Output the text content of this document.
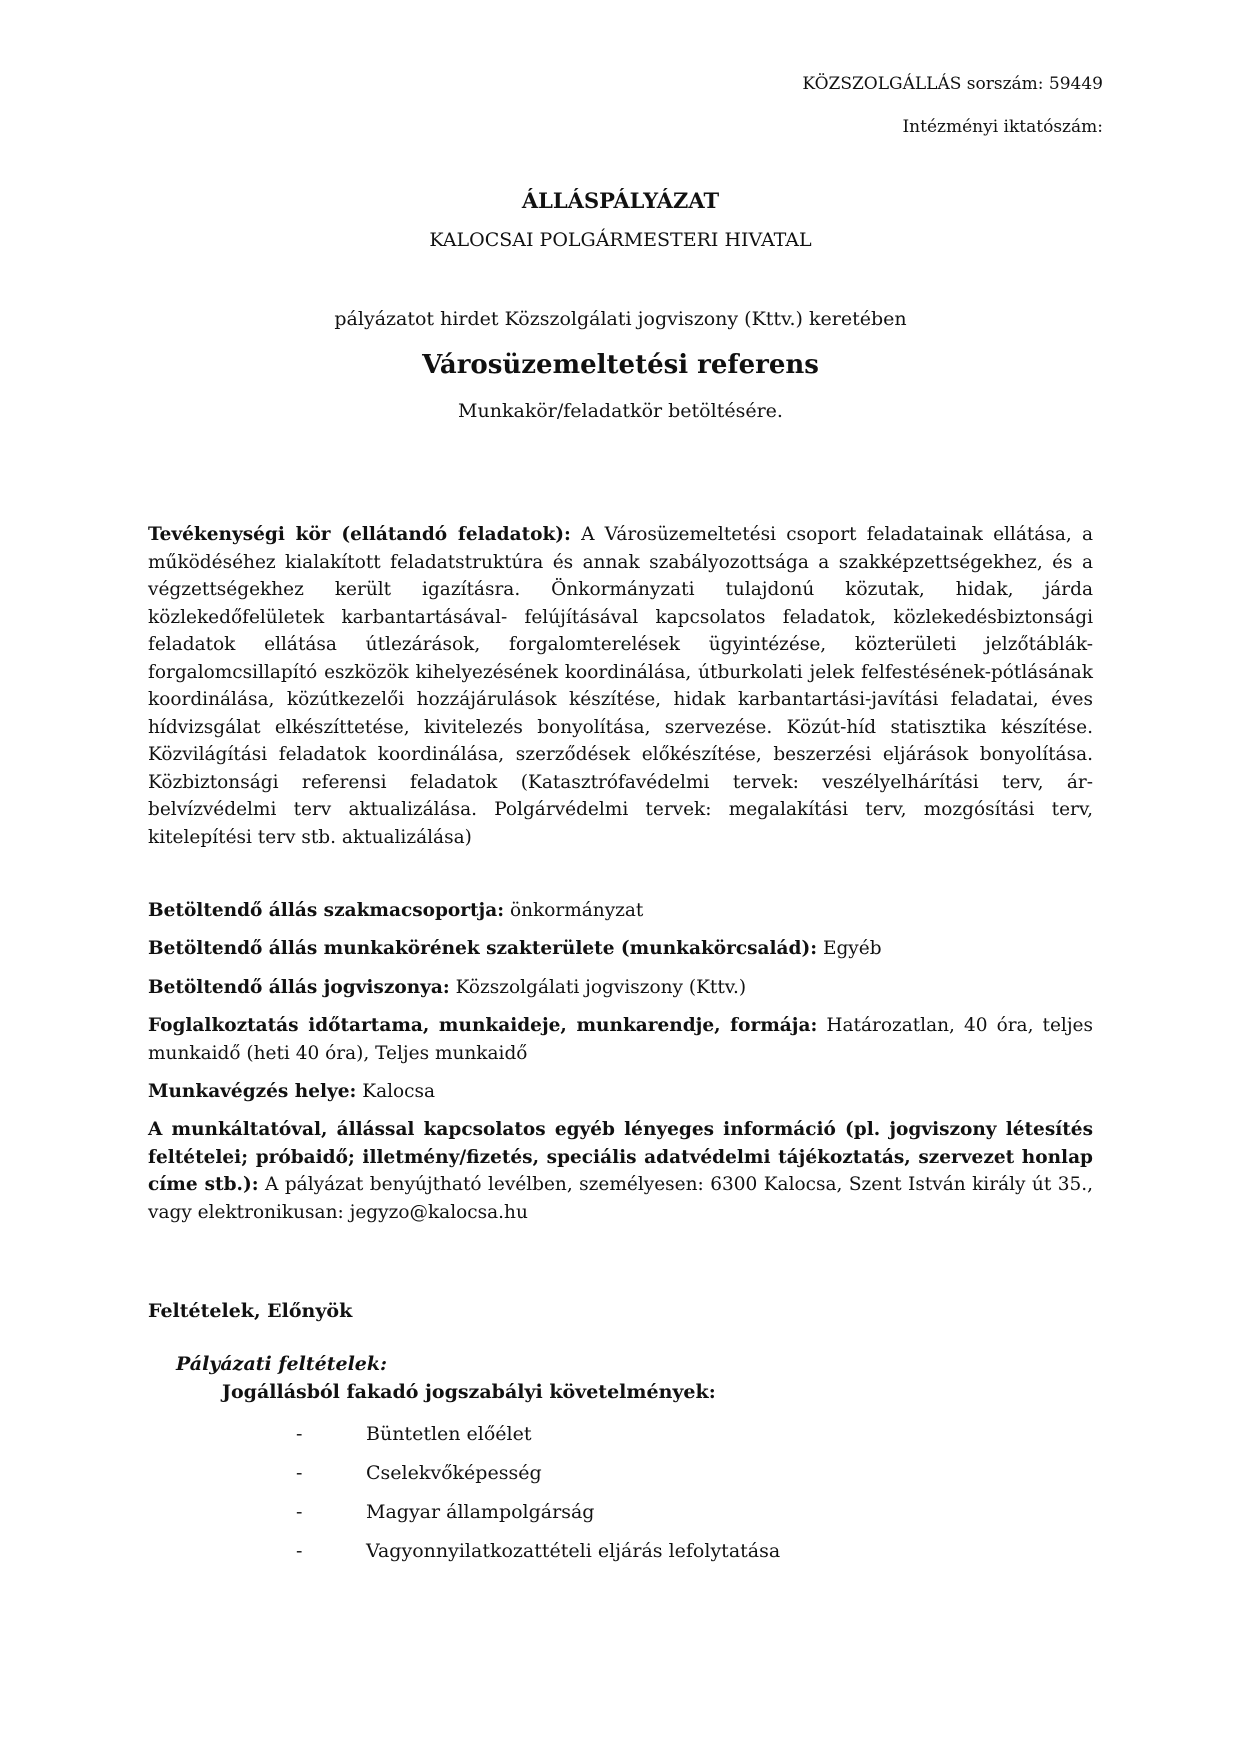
KÖZSZOLGÁLLÁS sorszám: 59449
Intézményi iktatószám:
ÁLLÁSPÁLYÁZAT
KALOCSAI POLGÁRMESTERI HIVATAL
pályázatot hirdet Közszolgálati jogviszony (Kttv.) keretében
Városüzemeltetési referens
Munkakör/feladatkör betöltésére.
Tevékenységi kör (ellátandó feladatok): A Városüzemeltetési csoport feladatainak ellátása, a működéséhez kialakított feladatstruktúra és annak szabályozottsága a szakképzettségekhez, és a végzettségekhez került igazításra. Önkormányzati tulajdonú közutak, hidak, járda közlekedőfelületek karbantartásával- felújításával kapcsolatos feladatok, közlekedésbiztonsági feladatok ellátása útlezárások, forgalomterelések ügyintézése, közterületi jelzőtáblák-forgalomcsillapító eszközök kihelyezésének koordinálása, útburkolati jelek felfestésének-pótlásának koordinálása, közútkezelői hozzájárulások készítése, hidak karbantartási-javítási feladatai, éves hídvizsgálat elkészíttetése, kivitelezés bonyolítása, szervezése. Közút-híd statisztika készítése. Közvilágítási feladatok koordinálása, szerződések előkészítése, beszerzési eljárások bonyolítása. Közbiztonsági referensi feladatok (Katasztrófavédelmi tervek: veszélyelhárítási terv, ár-belvízvédelmi terv aktualizálása. Polgárvédelmi tervek: megalakítási terv, mozgósítási terv, kitelepítési terv stb. aktualizálása)
Betöltendő állás szakmacsoportja: önkormányzat
Betöltendő állás munkakörének szakterülete (munkakörcsalád): Egyéb
Betöltendő állás jogviszonya: Közszolgálati jogviszony (Kttv.)
Foglalkoztatás időtartama, munkaideje, munkarendje, formája: Határozatlan, 40 óra, teljes munkaidő (heti 40 óra), Teljes munkaidő
Munkavégzés helye: Kalocsa
A munkáltatóval, állással kapcsolatos egyéb lényeges információ (pl. jogviszony létesítés feltételei; próbaidő; illetmény/fizetés, speciális adatvédelmi tájékoztatás, szervezet honlap címe stb.): A pályázat benyújtható levélben, személyesen: 6300 Kalocsa, Szent István király út 35., vagy elektronikusan: jegyzo@kalocsa.hu
Feltételek, Előnyök
Pályázati feltételek:
Jogállásból fakadó jogszabályi követelmények:
-	Büntetlen előélet
-	Cselekvőképesség
-	Magyar állampolgárság
-	Vagyonnyilatkozattételi eljárás lefolytatása
